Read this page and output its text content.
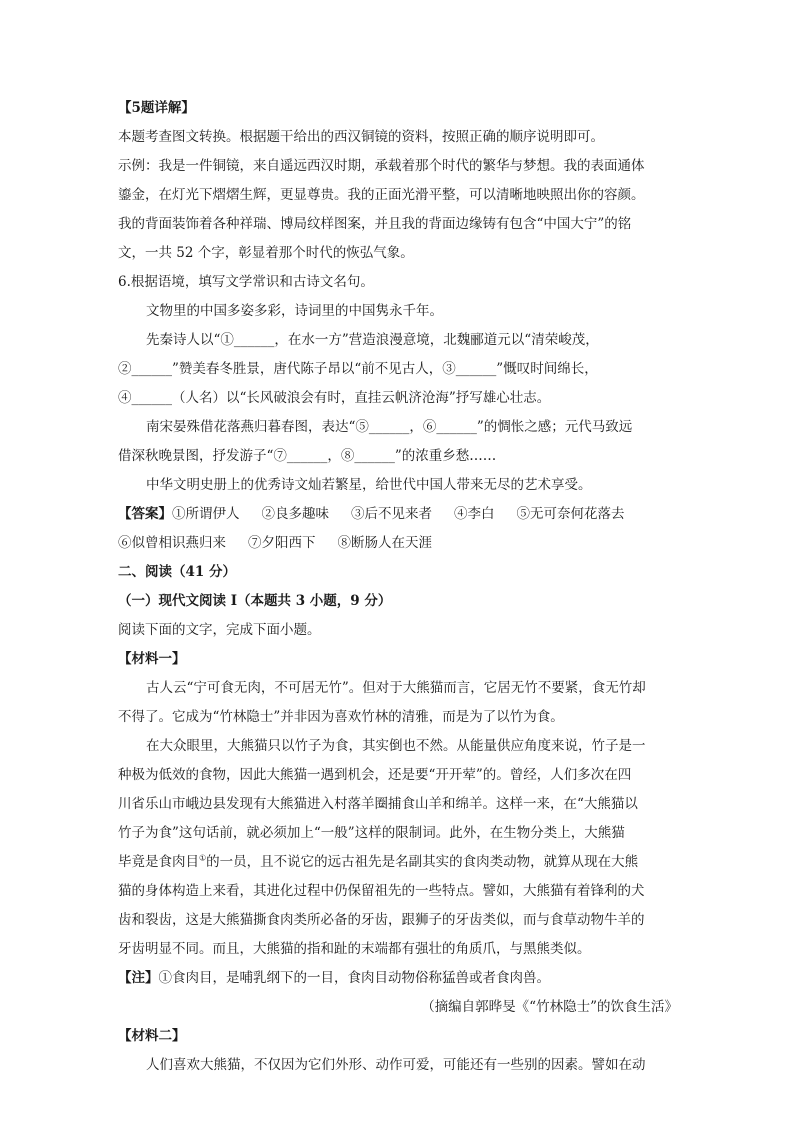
【5题详解】
本题考查图文转换。根据题干给出的西汉铜镜的资料，按照正确的顺序说明即可。
示例：我是一件铜镜，来自遥远西汉时期，承载着那个时代的繁华与梦想。我的表面通体
鎏金，在灯光下熠熠生辉，更显尊贵。我的正面光滑平整，可以清晰地映照出你的容颜。
我的背面装饰着各种祥瑞、博局纹样图案，并且我的背面边缘铸有包含“中国大宁”的铭
文，一共 52 个字，彰显着那个时代的恢弘气象。
6.根据语境，填写文学常识和古诗文名句。
文物里的中国多姿多彩，诗词里的中国隽永千年。
先秦诗人以“①______，在水一方”营造浪漫意境，北魏郦道元以“清荣峻茂，
②______”赞美春冬胜景，唐代陈子昂以“前不见古人，③______”慨叹时间绵长，
④______（人名）以“长风破浪会有时，直挂云帆济沧海”抒写雄心壮志。
南宋晏殊借花落燕归暮春图，表达“⑤______，⑥______”的惆怅之感；元代马致远
借深秋晚景图，抒发游子“⑦______，⑧______”的浓重乡愁……
中华文明史册上的优秀诗文灿若繁星，给世代中国人带来无尽的艺术享受。
【答案】①所谓伊人 ②良多趣味 ③后不见来者 ④李白 ⑤无可奈何花落去
⑥似曾相识燕归来 ⑦夕阳西下 ⑧断肠人在天涯
二、阅读（41 分）
（一）现代文阅读 I（本题共 3 小题，9 分）
阅读下面的文字，完成下面小题。
【材料一】
古人云“宁可食无肉，不可居无竹”。但对于大熊猫而言，它居无竹不要紧，食无竹却
不得了。它成为“竹林隐士”并非因为喜欢竹林的清雅，而是为了以竹为食。
在大众眼里，大熊猫只以竹子为食，其实倒也不然。从能量供应角度来说，竹子是一
种极为低效的食物，因此大熊猫一遇到机会，还是要“开开荤”的。曾经，人们多次在四
川省乐山市峨边县发现有大熊猫进入村落羊圈捕食山羊和绵羊。这样一来，在“大熊猫以
竹子为食”这句话前，就必须加上“一般”这样的限制词。此外，在生物分类上，大熊猫
毕竟是食肉目①的一员，且不说它的远古祖先是名副其实的食肉类动物，就算从现在大熊
猫的身体构造上来看，其进化过程中仍保留祖先的一些特点。譬如，大熊猫有着锋利的犬
齿和裂齿，这是大熊猫撕食肉类所必备的牙齿，跟狮子的牙齿类似，而与食草动物牛羊的
牙齿明显不同。而且，大熊猫的指和趾的末端都有强壮的角质爪，与黑熊类似。
【注】①食肉目，是哺乳纲下的一目，食肉目动物俗称猛兽或者食肉兽。
（摘编自郭晔旻《“竹林隐士”的饮食生活》
【材料二】
人们喜欢大熊猫，不仅因为它们外形、动作可爱，可能还有一些别的因素。譬如在动
